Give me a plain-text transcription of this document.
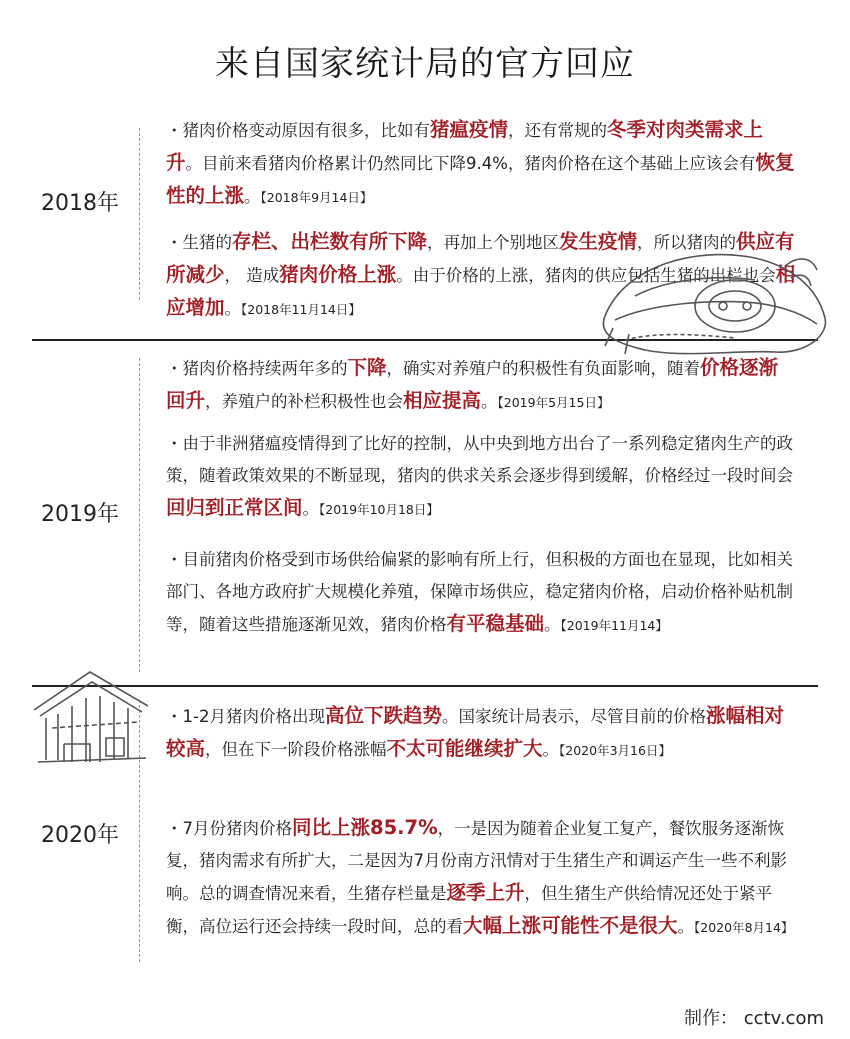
来自国家统计局的官方回应
2018年
・猪肉价格变动原因有很多，比如有猪瘟疫情，还有常规的冬季对肉类需求上升。目前来看猪肉价格累计仍然同比下降9.4%，猪肉价格在这个基础上应该会有恢复性的上涨。【2018年9月14日】
・生猪的存栏、出栏数有所下降，再加上个别地区发生疫情，所以猪肉的供应有所减少， 造成猪肉价格上涨。由于价格的上涨，猪肉的供应包括生猪的出栏也会相应增加。【2018年11月14日】
2019年
・猪肉价格持续两年多的下降，确实对养殖户的积极性有负面影响，随着价格逐渐回升，养殖户的补栏积极性也会相应提高。【2019年5月15日】
・由于非洲猪瘟疫情得到了比好的控制，从中央到地方出台了一系列稳定猪肉生产的政策，随着政策效果的不断显现，猪肉的供求关系会逐步得到缓解，价格经过一段时间会回归到正常区间。【2019年10月18日】
・目前猪肉价格受到市场供给偏紧的影响有所上行，但积极的方面也在显现，比如相关部门、各地方政府扩大规模化养殖，保障市场供应，稳定猪肉价格，启动价格补贴机制等，随着这些措施逐渐见效，猪肉价格有平稳基础。【2019年11月14】
2020年
・1-2月猪肉价格出现高位下跌趋势。国家统计局表示，尽管目前的价格涨幅相对较高，但在下一阶段价格涨幅不太可能继续扩大。【2020年3月16日】
・7月份猪肉价格同比上涨85.7%，一是因为随着企业复工复产，餐饮服务逐渐恢复，猪肉需求有所扩大，二是因为7月份南方汛情对于生猪生产和调运产生一些不利影响。总的调查情况来看，生猪存栏量是逐季上升，但生猪生产供给情况还处于紧平衡，高位运行还会持续一段时间，总的看大幅上涨可能性不是很大。【2020年8月14】
制作： cctv.com
